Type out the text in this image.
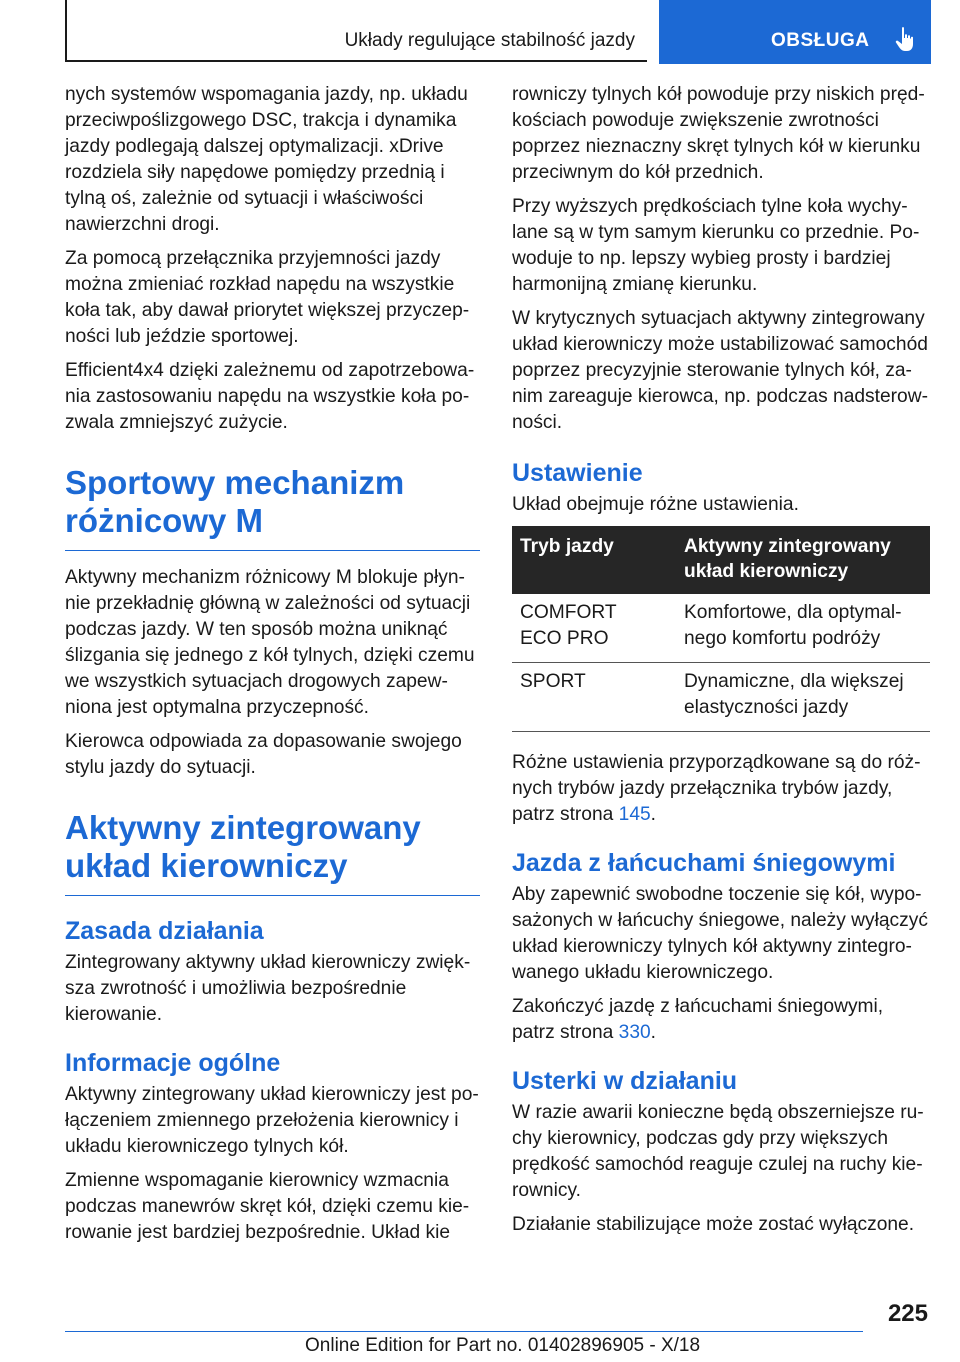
Układy regulujące stabilność jazdy	OBSŁUGA

nych systemów wspomagania jazdy, np. układu przeciwpoślizgowego DSC, trakcja i dynamika jazdy podlegają dalszej optymalizacji. xDrive rozdziela siły napędowe pomiędzy przednią i tylną oś, zależnie od sytuacji i właściwości nawierzchni drogi.

Za pomocą przełącznika przyjemności jazdy można zmieniać rozkład napędu na wszystkie koła tak, aby dawał priorytet większej przyczepności lub jeździe sportowej.

Efficient4x4 dzięki zależnemu od zapotrzebowania zastosowaniu napędu na wszystkie koła pozwala zmniejszyć zużycie.

Sportowy mechanizm różnicowy M

Aktywny mechanizm różnicowy M blokuje płynnie przekładnię główną w zależności od sytuacji podczas jazdy. W ten sposób można uniknąć ślizgania się jednego z kół tylnych, dzięki czemu we wszystkich sytuacjach drogowych zapewniona jest optymalna przyczepność.

Kierowca odpowiada za dopasowanie swojego stylu jazdy do sytuacji.

Aktywny zintegrowany układ kierowniczy
Zasada działania

Zintegrowany aktywny układ kierowniczy zwiększa zwrotność i umożliwia bezpośrednie kierowanie.

Informacje ogólne

Aktywny zintegrowany układ kierowniczy jest połączeniem zmiennego przełożenia kierownicy i układu kierowniczego tylnych kół.

Zmienne wspomaganie kierownicy wzmacnia podczas manewrów skręt kół, dzięki czemu kierowanie jest bardziej bezpośrednie. Układ kie

rowniczy tylnych kół powoduje przy niskich prędkościach powoduje zwiększenie zwrotności poprzez nieznaczny skręt tylnych kół w kierunku przeciwnym do kół przednich.

Przy wyższych prędkościach tylne koła wychylane są w tym samym kierunku co przednie. Powoduje to np. lepszy wybieg prosty i bardziej harmonijną zmianę kierunku.

W krytycznych sytuacjach aktywny zintegrowany układ kierowniczy może ustabilizować samochód poprzez precyzyjnie sterowanie tylnych kół, zanim zareaguje kierowca, np. podczas nadsterowności.

Ustawienie

Układ obejmuje różne ustawienia.

Tryb jazdy	Aktywny zintegrowany układ kierowniczy

COMFORT
ECO PRO	Komfortowe, dla optymalnego komfortu podróży

SPORT	Dynamiczne, dla większej elastyczności jazdy

Różne ustawienia przyporządkowane są do różnych trybów jazdy przełącznika trybów jazdy, patrz strona 145.

Jazda z łańcuchami śniegowymi

Aby zapewnić swobodne toczenie się kół, wyposażonych w łańcuchy śniegowe, należy wyłączyć układ kierowniczy tylnych kół aktywny zintegrowanego układu kierowniczego.

Zakończyć jazdę z łańcuchami śniegowymi, patrz strona 330.

Usterki w działaniu

W razie awarii konieczne będą obszerniejsze ruchy kierownicy, podczas gdy przy większych prędkość samochód reaguje czulej na ruchy kierownicy.

Działanie stabilizujące może zostać wyłączone.

225
Online Edition for Part no. 01402896905 - X/18
